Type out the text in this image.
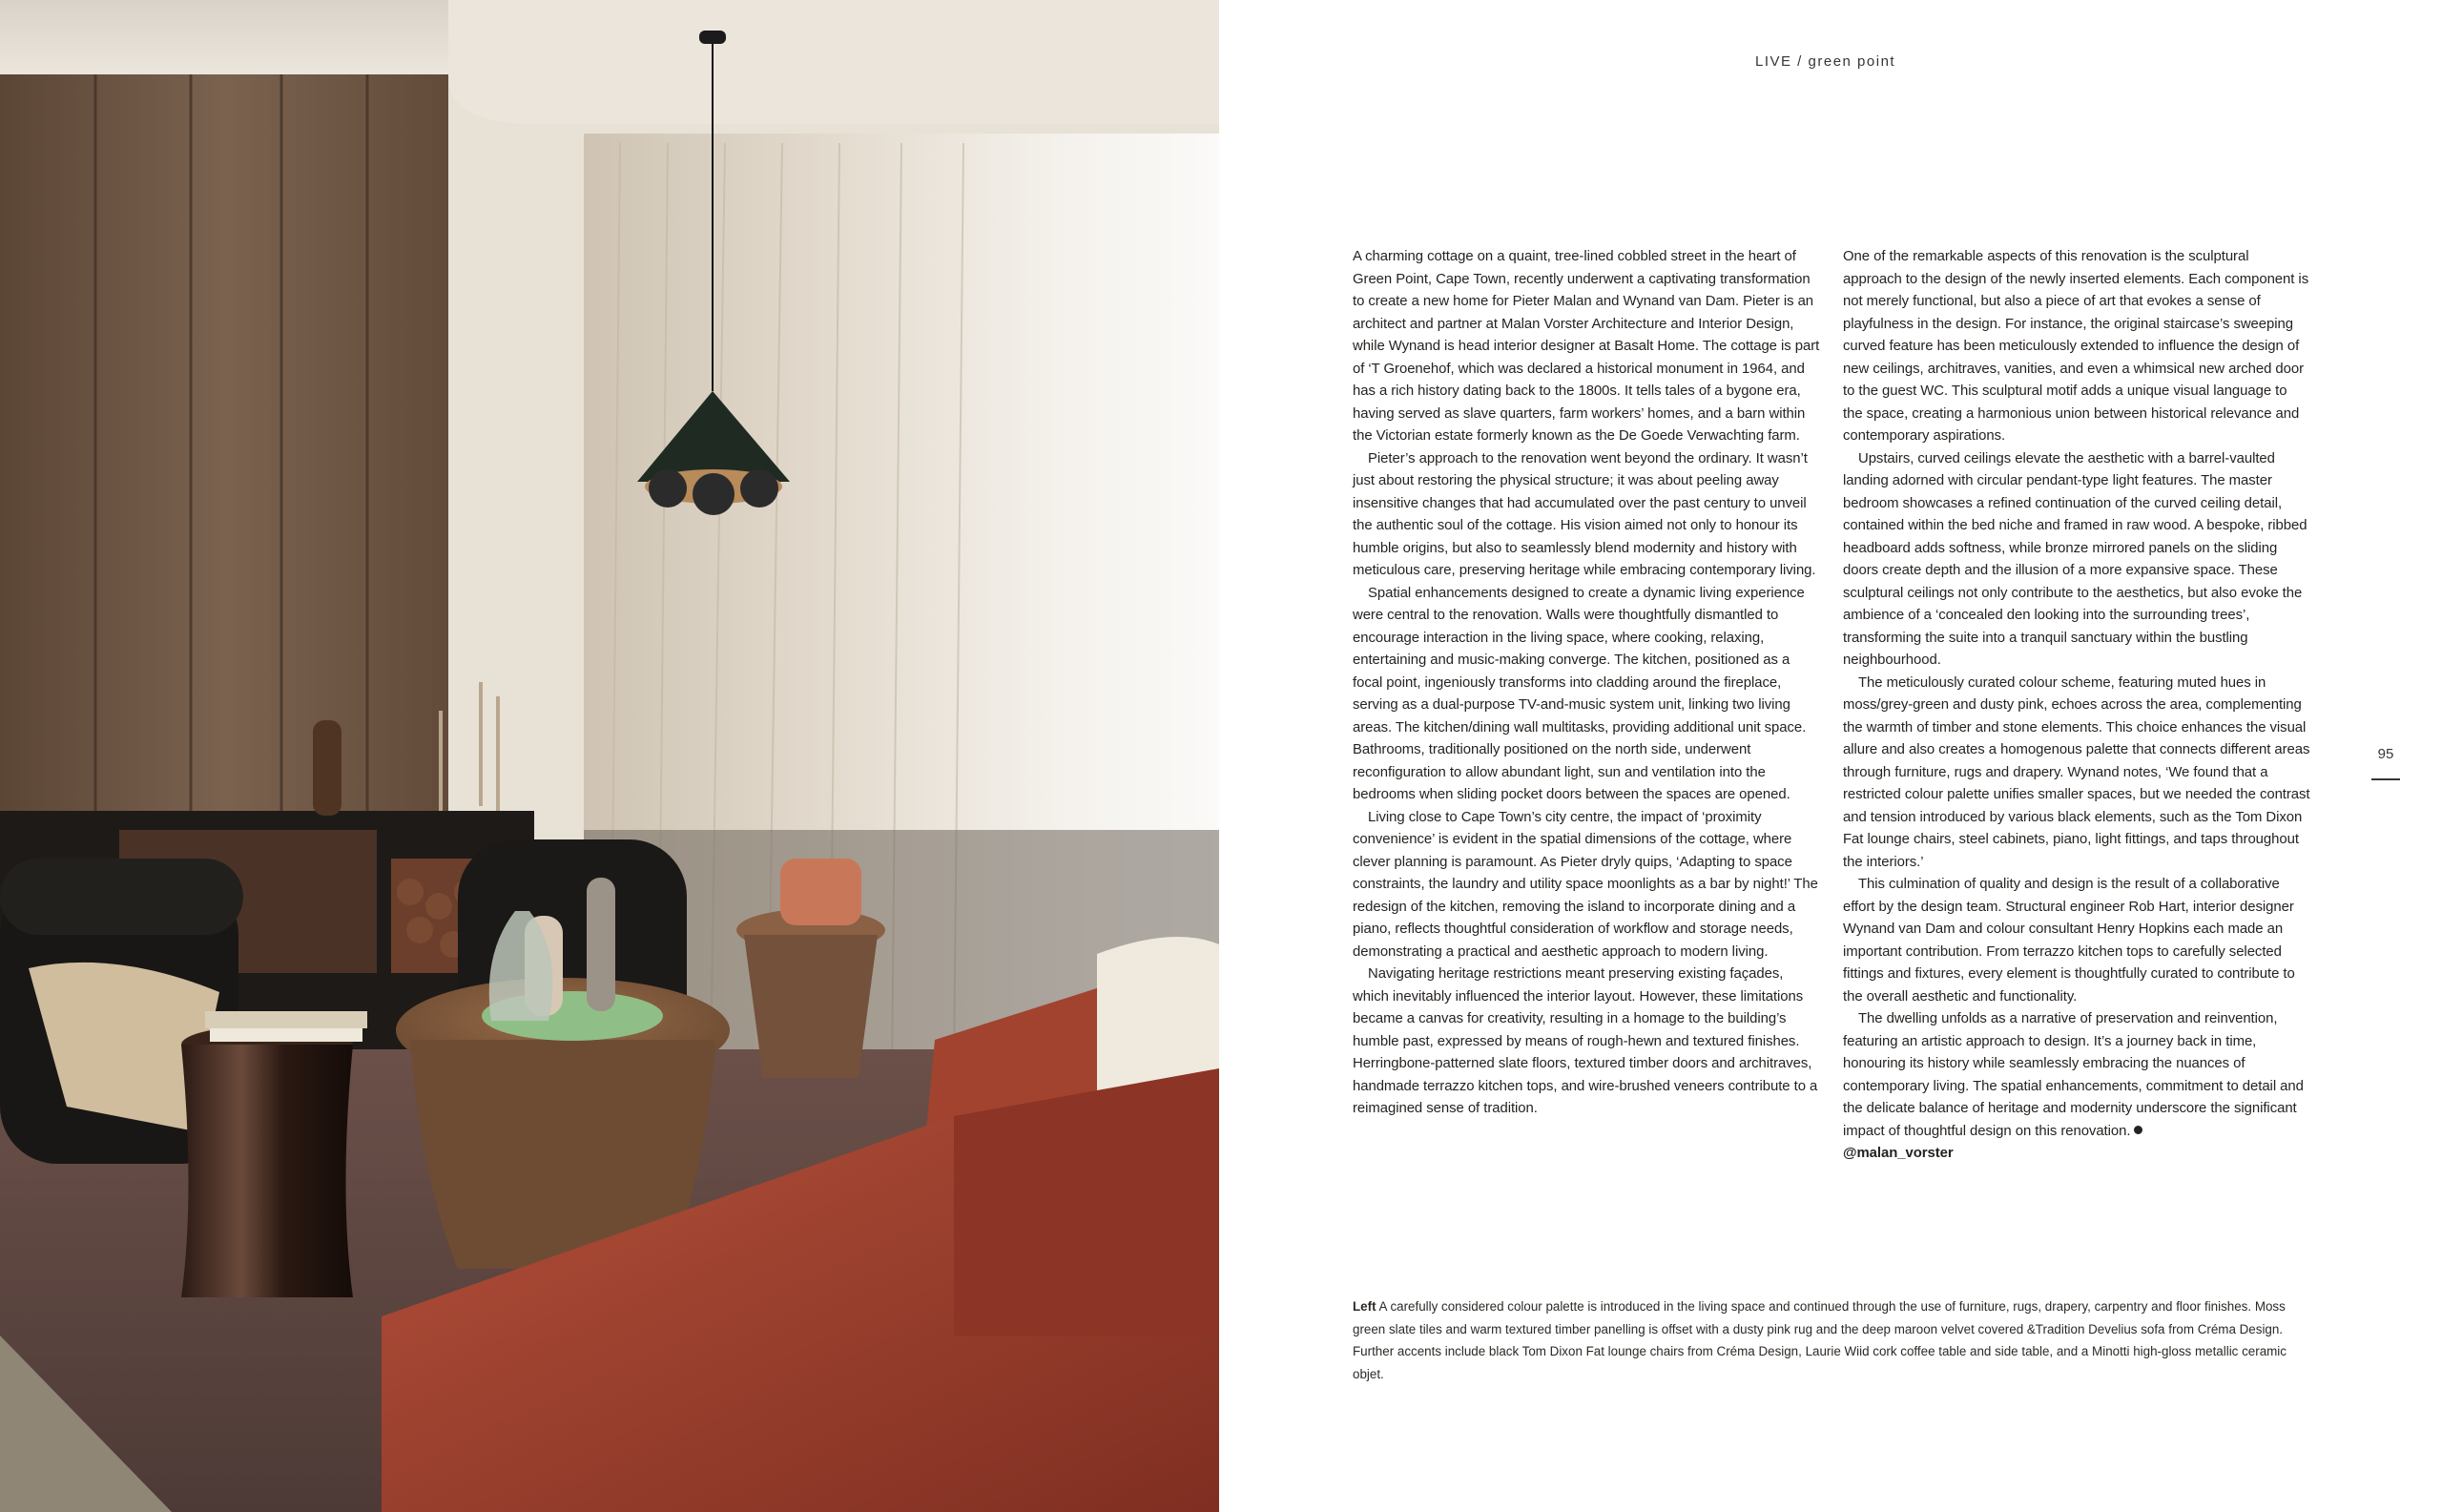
LIVE / green point

A charming cottage on a quaint, tree-lined cobbled street in the heart of Green Point, Cape Town, recently underwent a captivating transformation to create a new home for Pieter Malan and Wynand van Dam. Pieter is an architect and partner at Malan Vorster Architecture and Interior Design, while Wynand is head interior designer at Basalt Home. The cottage is part of ‘T Groenehof, which was declared a historical monument in 1964, and has a rich history dating back to the 1800s. It tells tales of a bygone era, having served as slave quarters, farm workers’ homes, and a barn within the Victorian estate formerly known as the De Goede Verwachting farm.

Pieter’s approach to the renovation went beyond the ordinary. It wasn’t just about restoring the physical structure; it was about peeling away insensitive changes that had accumulated over the past century to unveil the authentic soul of the cottage. His vision aimed not only to honour its humble origins, but also to seamlessly blend modernity and history with meticulous care, preserving heritage while embracing contemporary living.

Spatial enhancements designed to create a dynamic living experience were central to the renovation. Walls were thoughtfully dismantled to encourage interaction in the living space, where cooking, relaxing, entertaining and music-making converge. The kitchen, positioned as a focal point, ingeniously transforms into cladding around the fireplace, serving as a dual-purpose TV-and-music system unit, linking two living areas. The kitchen/dining wall multitasks, providing additional unit space. Bathrooms, traditionally positioned on the north side, underwent reconfiguration to allow abundant light, sun and ventilation into the bedrooms when sliding pocket doors between the spaces are opened.

Living close to Cape Town’s city centre, the impact of ‘proximity convenience’ is evident in the spatial dimensions of the cottage, where clever planning is paramount. As Pieter dryly quips, ‘Adapting to space constraints, the laundry and utility space moonlights as a bar by night!’ The redesign of the kitchen, removing the island to incorporate dining and a piano, reflects thoughtful consideration of workflow and storage needs, demonstrating a practical and aesthetic approach to modern living.

Navigating heritage restrictions meant preserving existing façades, which inevitably influenced the interior layout. However, these limitations became a canvas for creativity, resulting in a homage to the building’s humble past, expressed by means of rough-hewn and textured finishes. Herringbone-patterned slate floors, textured timber doors and architraves, handmade terrazzo kitchen tops, and wire-brushed veneers contribute to a reimagined sense of tradition.

One of the remarkable aspects of this renovation is the sculptural approach to the design of the newly inserted elements. Each component is not merely functional, but also a piece of art that evokes a sense of playfulness in the design. For instance, the original staircase’s sweeping curved feature has been meticulously extended to influence the design of new ceilings, architraves, vanities, and even a whimsical new arched door to the guest WC. This sculptural motif adds a unique visual language to the space, creating a harmonious union between historical relevance and contemporary aspirations.

Upstairs, curved ceilings elevate the aesthetic with a barrel-vaulted landing adorned with circular pendant-type light features. The master bedroom showcases a refined continuation of the curved ceiling detail, contained within the bed niche and framed in raw wood. A bespoke, ribbed headboard adds softness, while bronze mirrored panels on the sliding doors create depth and the illusion of a more expansive space. These sculptural ceilings not only contribute to the aesthetics, but also evoke the ambience of a ‘concealed den looking into the surrounding trees’, transforming the suite into a tranquil sanctuary within the bustling neighbourhood.

The meticulously curated colour scheme, featuring muted hues in moss/grey-green and dusty pink, echoes across the area, complementing the warmth of timber and stone elements. This choice enhances the visual allure and also creates a homogenous palette that connects different areas through furniture, rugs and drapery. Wynand notes, ‘We found that a restricted colour palette unifies smaller spaces, but we needed the contrast and tension introduced by various black elements, such as the Tom Dixon Fat lounge chairs, steel cabinets, piano, light fittings, and taps throughout the interiors.’

This culmination of quality and design is the result of a collaborative effort by the design team. Structural engineer Rob Hart, interior designer Wynand van Dam and colour consultant Henry Hopkins each made an important contribution. From terrazzo kitchen tops to carefully selected fittings and fixtures, every element is thoughtfully curated to contribute to the overall aesthetic and functionality.

The dwelling unfolds as a narrative of preservation and reinvention, featuring an artistic approach to design. It’s a journey back in time, honouring its history while seamlessly embracing the nuances of contemporary living. The spatial enhancements, commitment to detail and the delicate balance of heritage and modernity underscore the significant impact of thoughtful design on this renovation.

@malan_vorster

Left A carefully considered colour palette is introduced in the living space and continued through the use of furniture, rugs, drapery, carpentry and floor finishes. Moss green slate tiles and warm textured timber panelling is offset with a dusty pink rug and the deep maroon velvet covered &Tradition Develius sofa from Créma Design. Further accents include black Tom Dixon Fat lounge chairs from Créma Design, Laurie Wiid cork coffee table and side table, and a Minotti high-gloss metallic ceramic objet.
95
